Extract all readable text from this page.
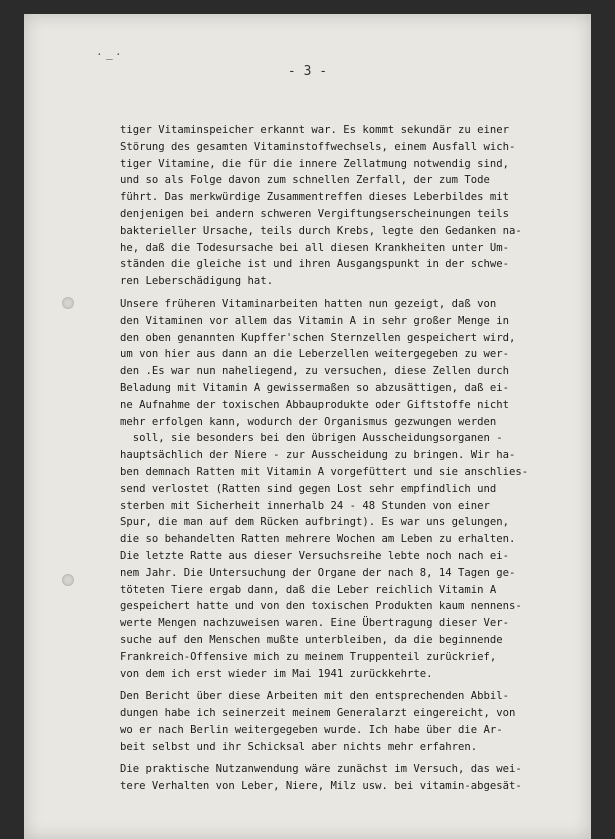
· ͟ ·
- 3 -
tiger Vitaminspeicher erkannt war. Es kommt sekundär zu einer
Störung des gesamten Vitaminstoffwechsels, einem Ausfall wich-
tiger Vitamine, die für die innere Zellatmung notwendig sind,
und so als Folge davon zum schnellen Zerfall, der zum Tode
führt. Das merkwürdige Zusammentreffen dieses Leberbildes mit
denjenigen bei andern schweren Vergiftungserscheinungen teils
bakterieller Ursache, teils durch Krebs, legte den Gedanken na-
he, daß die Todesursache bei all diesen Krankheiten unter Um-
ständen die gleiche ist und ihren Ausgangspunkt in der schwe-
ren Leberschädigung hat.
Unsere früheren Vitaminarbeiten hatten nun gezeigt, daß von
den Vitaminen vor allem das Vitamin A in sehr großer Menge in
den oben genannten Kupffer'schen Sternzellen gespeichert wird,
um von hier aus dann an die Leberzellen weitergegeben zu wer-
den .Es war nun naheliegend, zu versuchen, diese Zellen durch
Beladung mit Vitamin A gewissermaßen so abzusättigen, daß ei-
ne Aufnahme der toxischen Abbauprodukte oder Giftstoffe nicht
mehr erfolgen kann, wodurch der Organismus gezwungen werden
soll, sie besonders bei den übrigen Ausscheidungsorganen -
hauptsächlich der Niere - zur Ausscheidung zu bringen. Wir ha-
ben demnach Ratten mit Vitamin A vorgefüttert und sie anschlies-
send verlostet (Ratten sind gegen Lost sehr empfindlich und
sterben mit Sicherheit innerhalb 24 - 48 Stunden von einer
Spur, die man auf dem Rücken aufbringt). Es war uns gelungen,
die so behandelten Ratten mehrere Wochen am Leben zu erhalten.
Die letzte Ratte aus dieser Versuchsreihe lebte noch nach ei-
nem Jahr. Die Untersuchung der Organe der nach 8, 14 Tagen ge-
töteten Tiere ergab dann, daß die Leber reichlich Vitamin A
gespeichert hatte und von den toxischen Produkten kaum nennens-
werte Mengen nachzuweisen waren. Eine Übertragung dieser Ver-
suche auf den Menschen mußte unterbleiben, da die beginnende
Frankreich-Offensive mich zu meinem Truppenteil zurückrief,
von dem ich erst wieder im Mai 1941 zurückkehrte.
Den Bericht über diese Arbeiten mit den entsprechenden Abbil-
dungen habe ich seinerzeit meinem Generalarzt eingereicht, von
wo er nach Berlin weitergegeben wurde. Ich habe über die Ar-
beit selbst und ihr Schicksal aber nichts mehr erfahren.
Die praktische Nutzanwendung wäre zunächst im Versuch, das wei-
tere Verhalten von Leber, Niere, Milz usw. bei vitamin-abgesät-
